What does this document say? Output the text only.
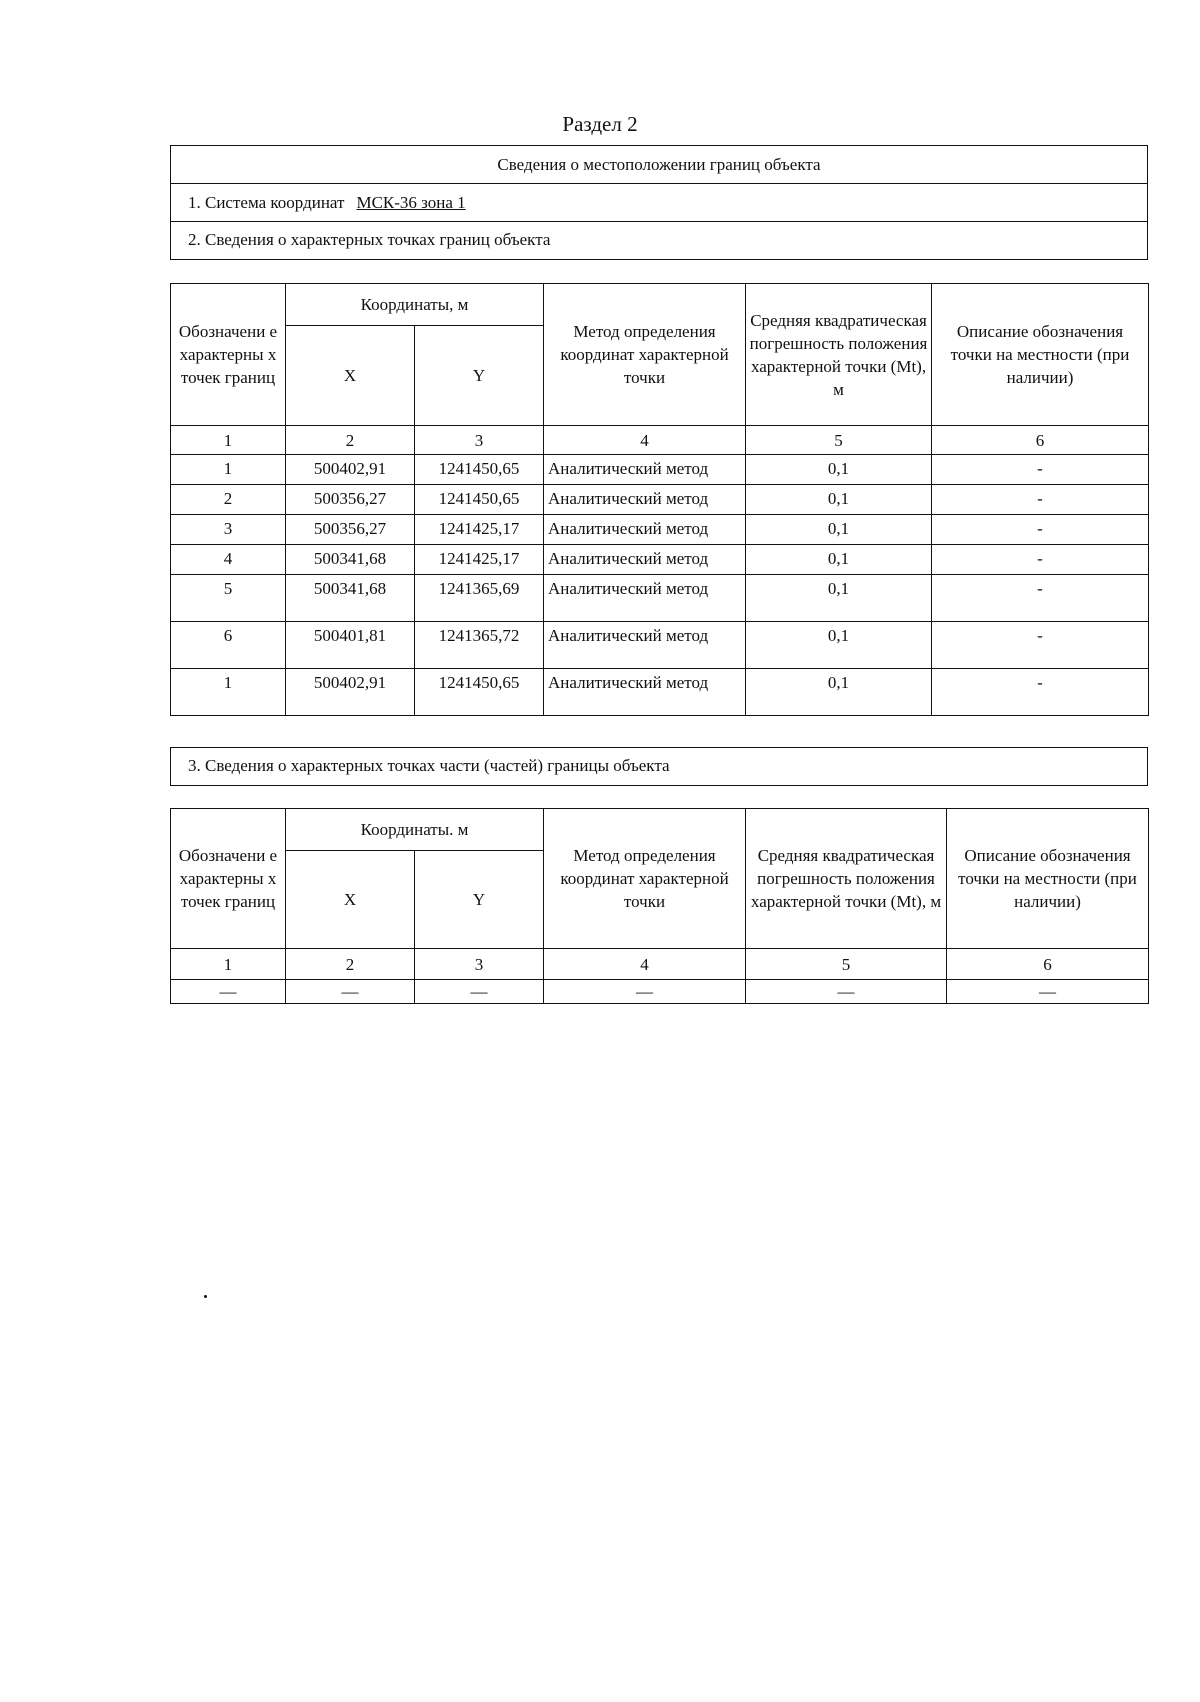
Раздел 2
Сведения о местоположении границ объекта
1. Система координат МСК-36 зона 1
2. Сведения о характерных точках границ объекта
Обозначени е характерны х точек границ	Координаты, м		Метод определения координат характерной точки	Средняя квадратическая погрешность положения характерной точки (Mt), м	Описание обозначения точки на местности (при наличии)
	X	Y			
1	2	3	4	5	6
1	500402,91	1241450,65	Аналитический метод	0,1	-
2	500356,27	1241450,65	Аналитический метод	0,1	-
3	500356,27	1241425,17	Аналитический метод	0,1	-
4	500341,68	1241425,17	Аналитический метод	0,1	-
5	500341,68	1241365,69	Аналитический метод	0,1	-
6	500401,81	1241365,72	Аналитический метод	0,1	-
1	500402,91	1241450,65	Аналитический метод	0,1	-
3. Сведения о характерных точках части (частей) границы объекта
Обозначени е характерны х точек границ	Координаты. м		Метод определения координат характерной точки	Средняя квадратическая погрешность положения характерной точки (Mt), м	Описание обозначения точки на местности (при наличии)
	X	Y			
1	2	3	4	5	6
—	—	—	—	—	—
